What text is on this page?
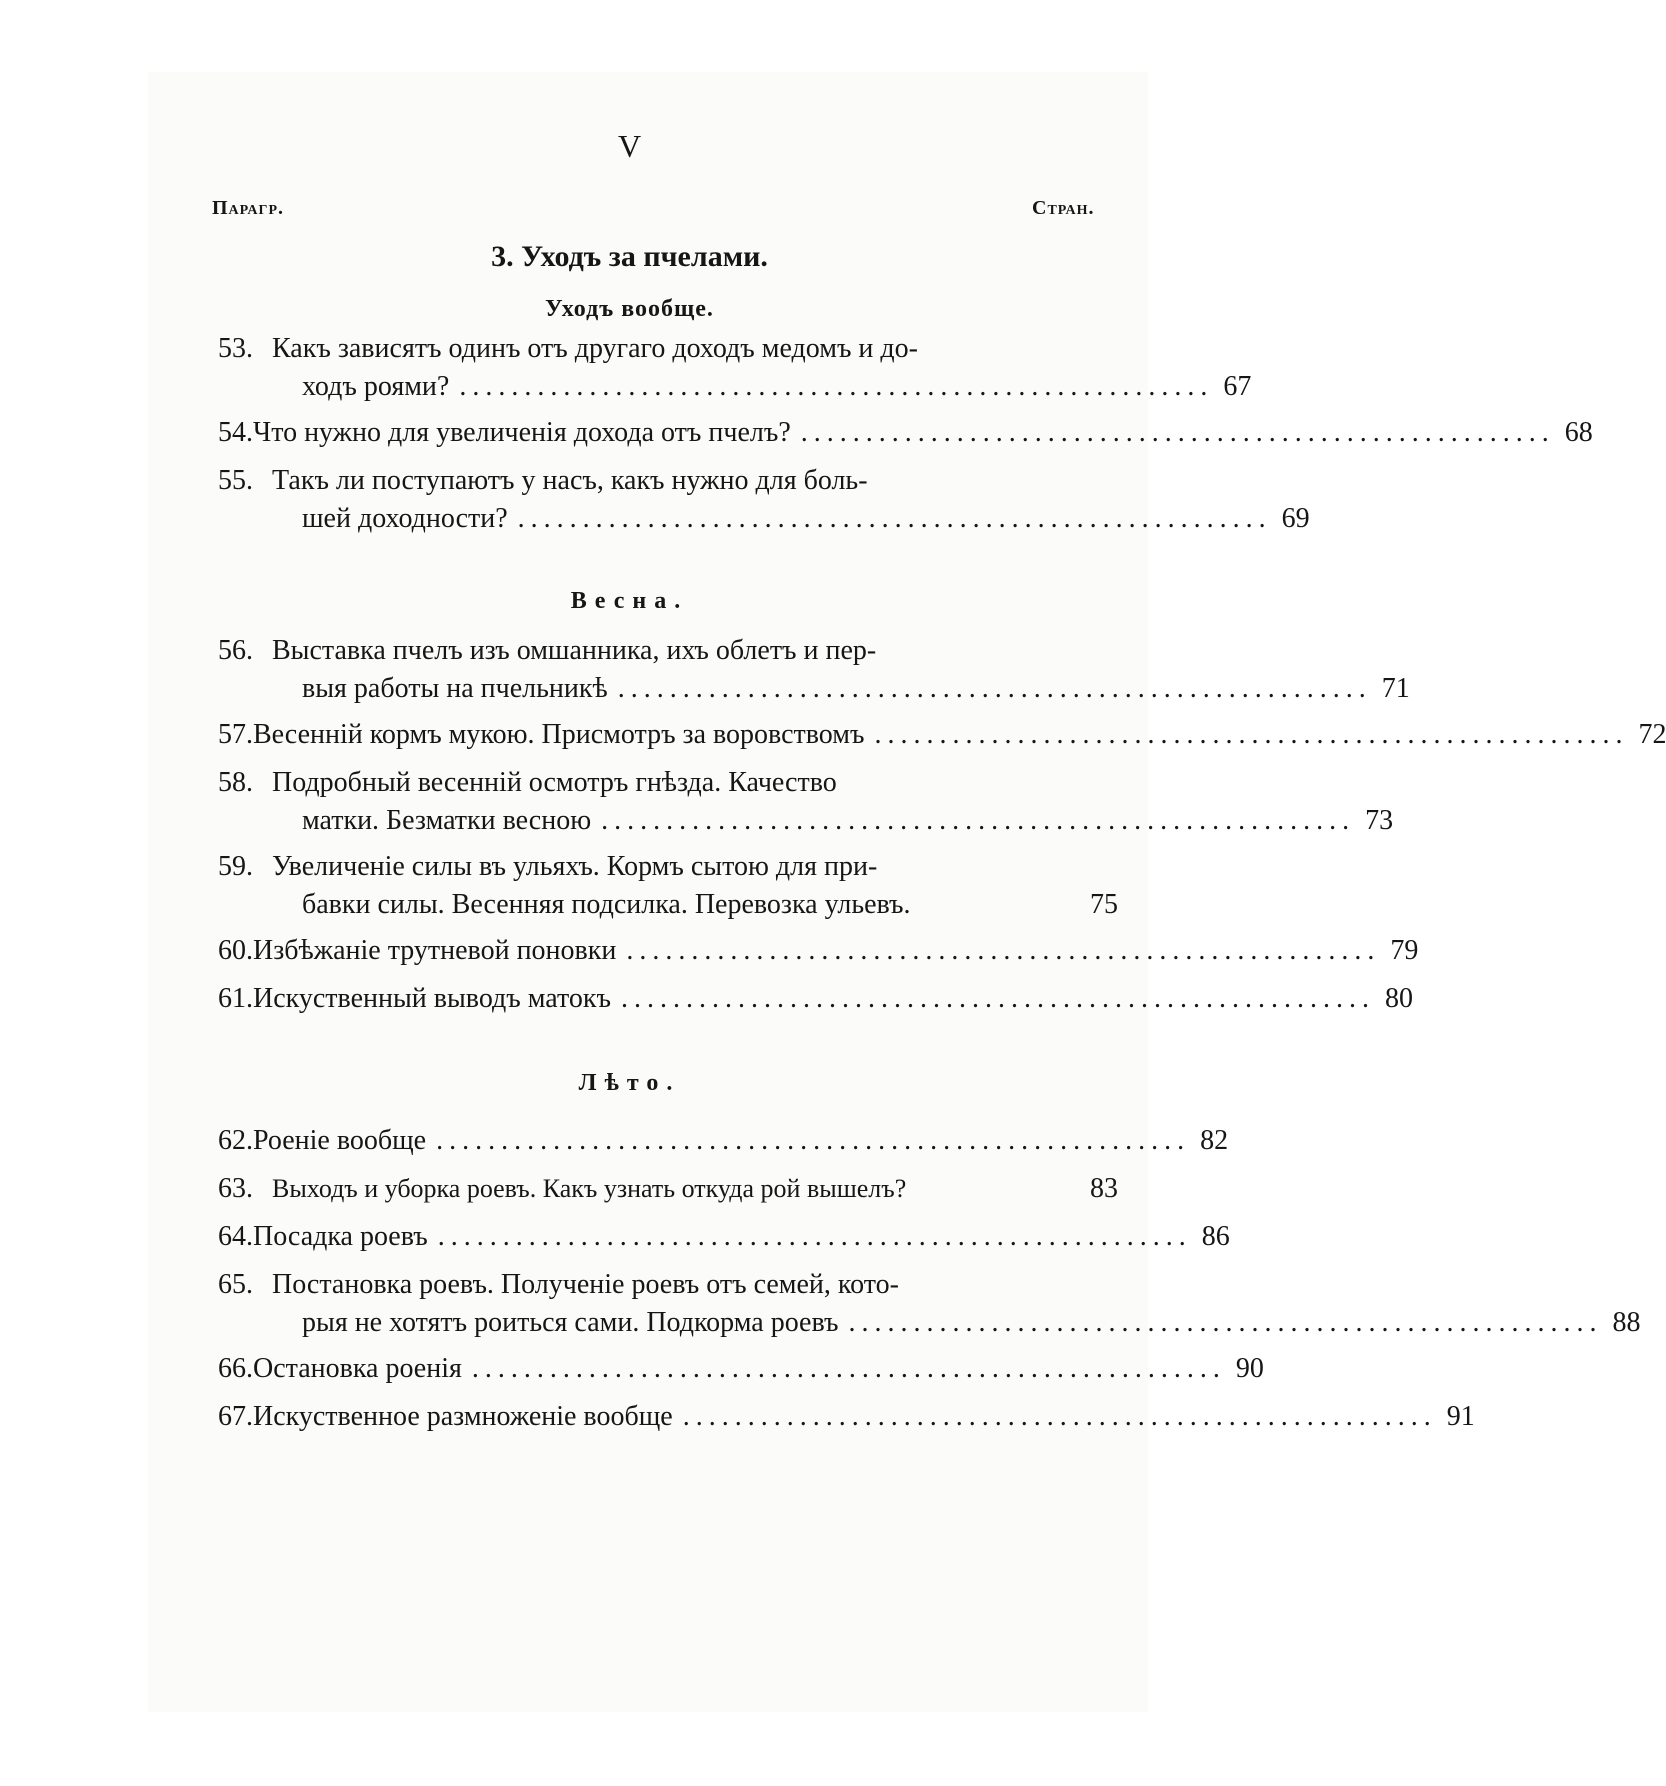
V
Парагр.	Стран.
3. Уходъ за пчелами.
Уходъ вообще.
53. Какъ зависятъ одинъ отъ другаго доходъ медомъ и до-
ходъ роями? .......................................................... 67
54. Что нужно для увеличенія дохода отъ пчелъ? .......................................................... 68
55. Такъ ли поступаютъ у насъ, какъ нужно для боль-
шей доходности? .......................................................... 69
Весна.
56. Выставка пчелъ изъ омшанника, ихъ облетъ и пер-
выя работы на пчельникѣ .......................................................... 71
57. Весенній кормъ мукою. Присмотръ за воровствомъ .......................................................... 72
58. Подробный весенній осмотръ гнѣзда. Качество
матки. Безматки весною .......................................................... 73
59. Увеличеніе силы въ ульяхъ. Кормъ сытою для при-
бавки силы. Весенняя подсилка. Перевозка ульевъ.	75
60. Избѣжаніе трутневой поновки .......................................................... 79
61. Искуственный выводъ матокъ .......................................................... 80
Лѣто.
62. Роеніе вообще .......................................................... 82
63. Выходъ и уборка роевъ. Какъ узнать откуда рой вышелъ?	83
64. Посадка роевъ .......................................................... 86
65. Постановка роевъ. Полученіе роевъ отъ семей, кото-
рыя не хотятъ роиться сами. Подкорма роевъ .......................................................... 88
66. Остановка роенія .......................................................... 90
67. Искуственное размноженіе вообще .......................................................... 91
